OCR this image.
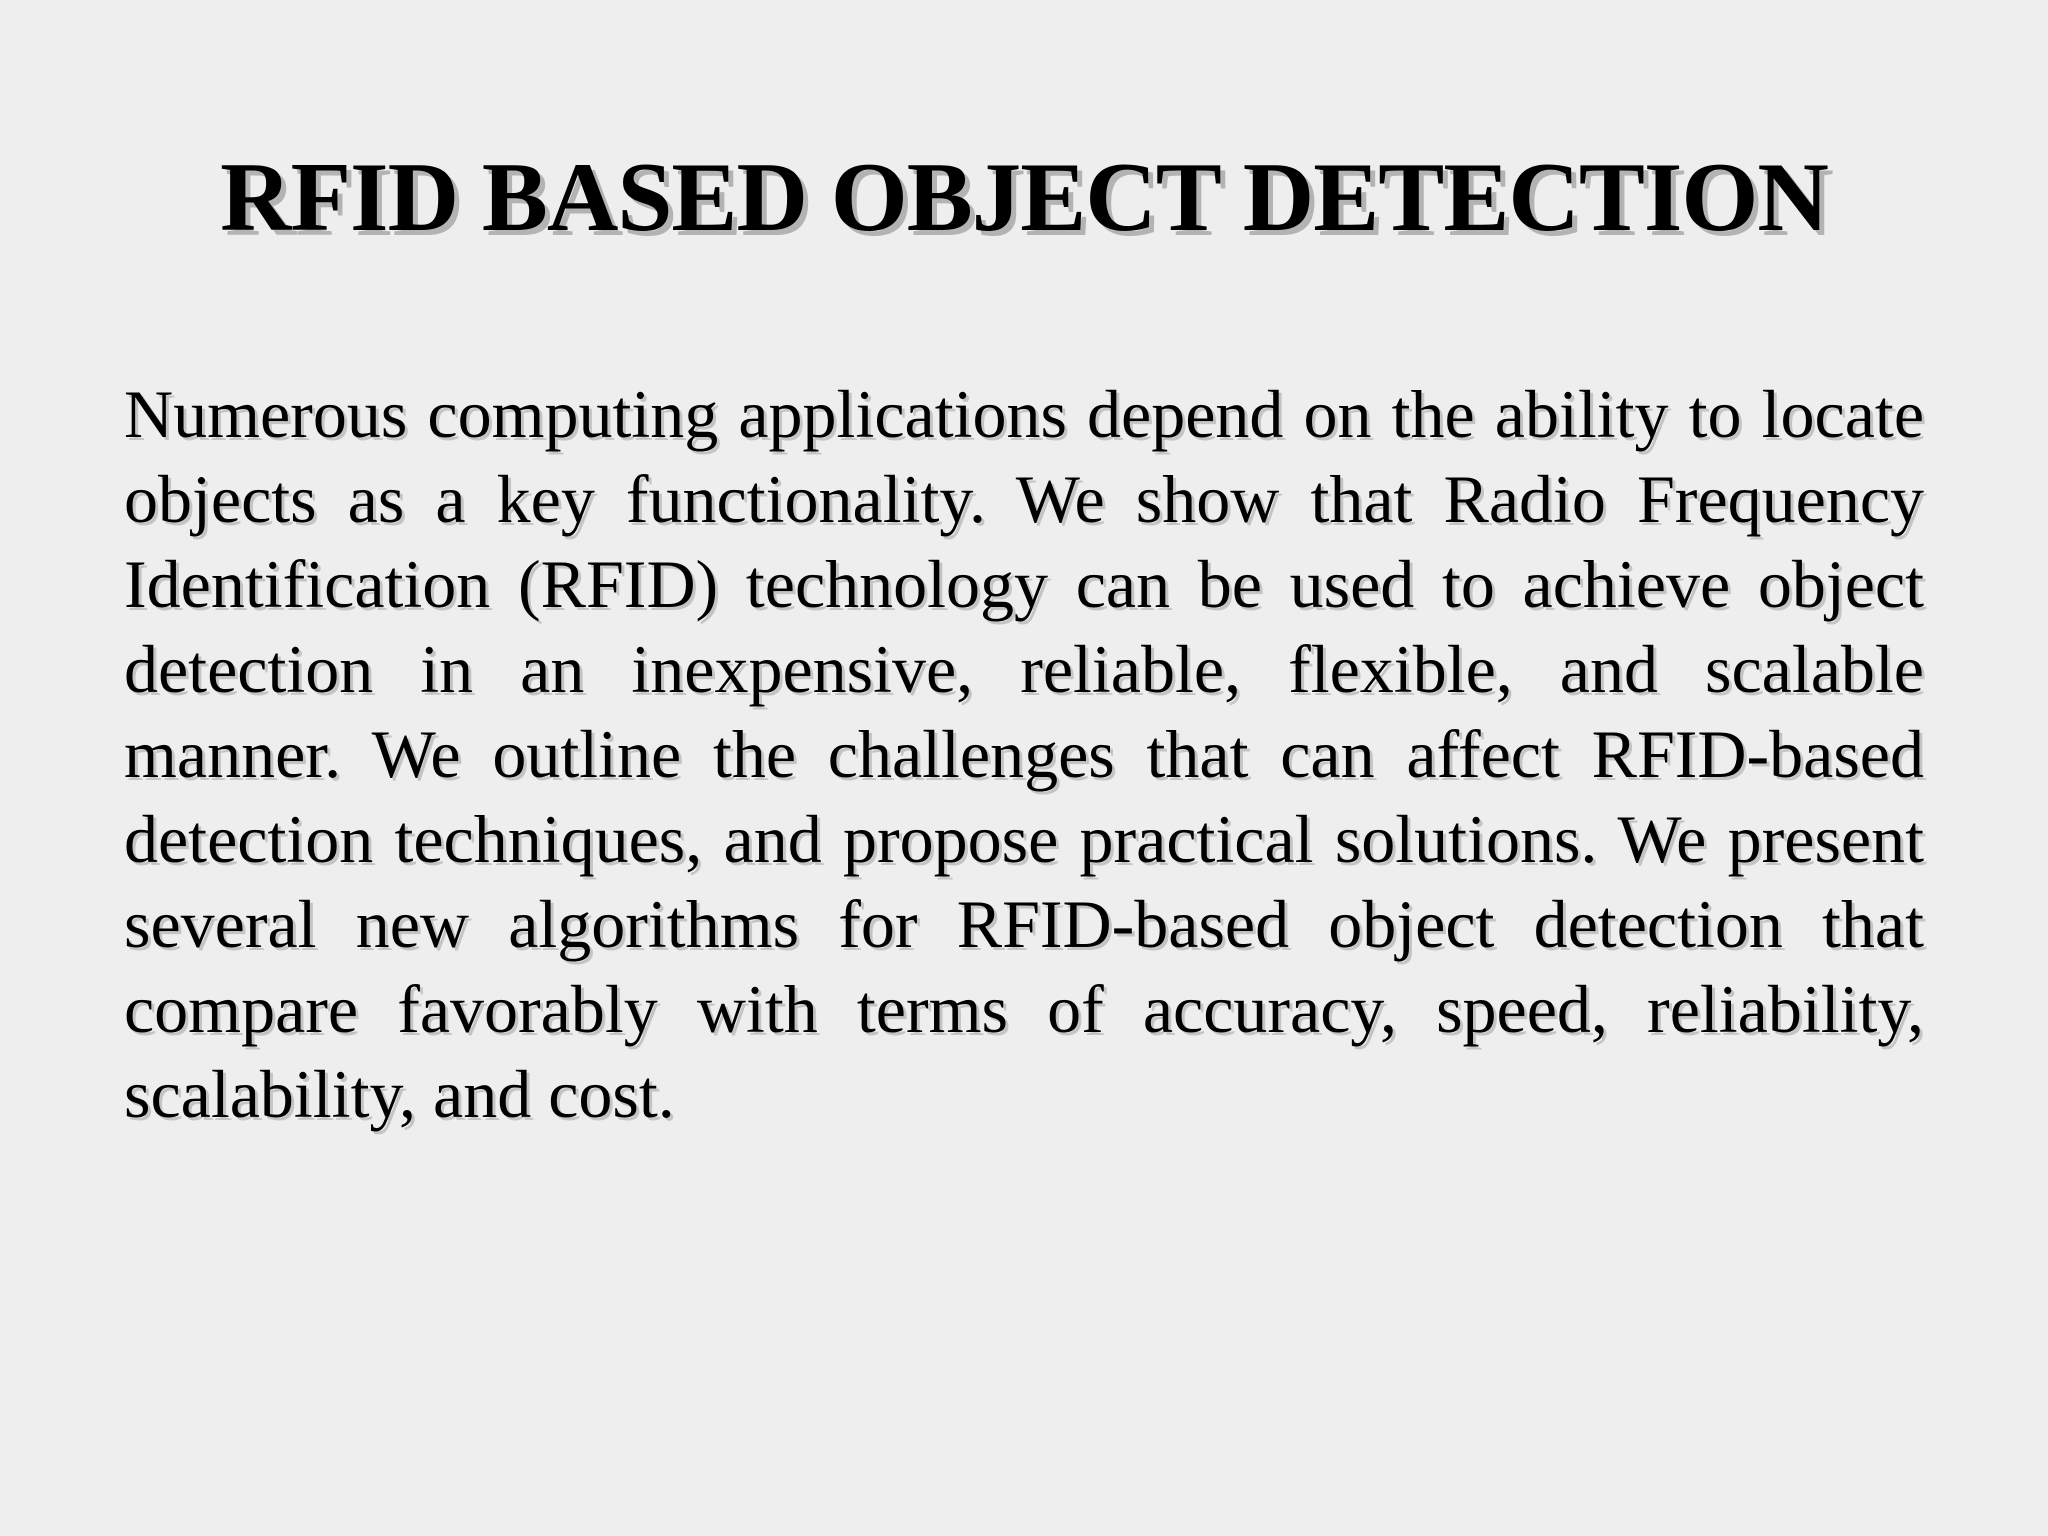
RFID BASED OBJECT DETECTION

Numerous computing applications depend on the ability to locate objects as a key functionality. We show that Radio Frequency Identification (RFID) technology can be used to achieve object detection in an inexpensive, reliable, flexible, and scalable manner. We outline the challenges that can affect RFID-based detection techniques, and propose practical solutions. We present several new algorithms for RFID-based object detection that compare favorably with terms of accuracy, speed, reliability, scalability, and cost.
